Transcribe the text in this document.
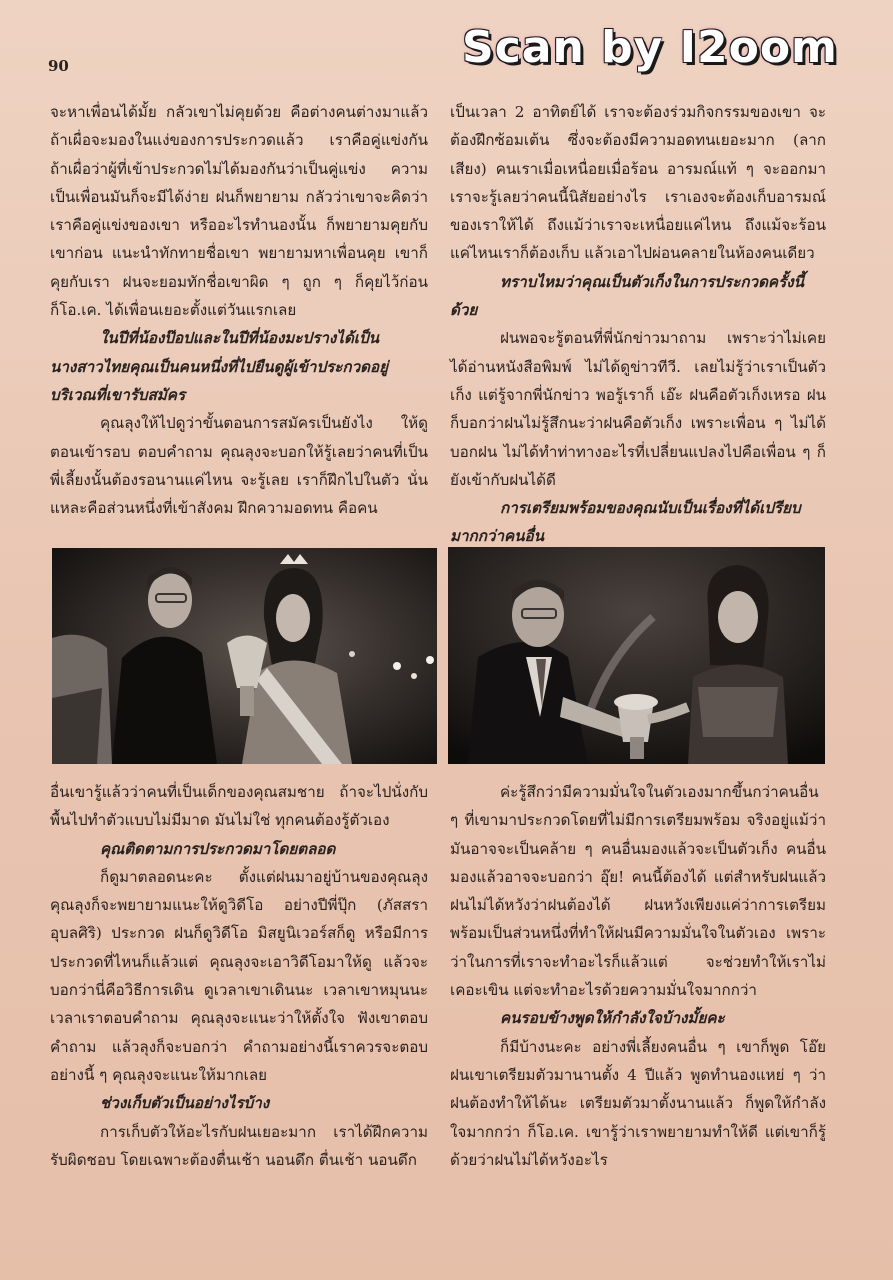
90	Scan by I2oom

จะหาเพื่อนได้มั้ย กลัวเขาไม่คุยด้วย คือต่างคนต่างมาแล้วถ้าเผื่อจะมองในแง่ของการประกวดแล้ว เราคือคู่แข่งกัน ถ้าเผื่อว่าผู้ที่เข้าประกวดไม่ได้มองกันว่าเป็นคู่แข่ง ความเป็นเพื่อนมันก็จะมีได้ง่าย ฝนก็พยายาม กลัวว่าเขาจะคิดว่าเราคือคู่แข่งของเขา หรืออะไรทำนองนั้น ก็พยายามคุยกับเขาก่อน แนะนำทักทายชื่อเขา พยายามหาเพื่อนคุย เขาก็คุยกับเรา ฝนจะยอมทักชื่อเขาผิด ๆ ถูก ๆ ก็คุยไว้ก่อน ก็โอ.เค. ได้เพื่อนเยอะตั้งแต่วันแรกเลย

ในปีที่น้องป๊อปและในปีที่น้องมะปรางได้เป็นนางสาวไทยคุณเป็นคนหนึ่งที่ไปยืนดูผู้เข้าประกวดอยู่บริเวณที่เขารับสมัคร

คุณลุงให้ไปดูว่าขั้นตอนการสมัครเป็นยังไง ให้ดูตอนเข้ารอบ ตอบคำถาม คุณลุงจะบอกให้รู้เลยว่าคนที่เป็นพี่เลี้ยงนั้นต้องรอนานแค่ไหน จะรู้เลย เราก็ฝึกไปในตัว นั่นแหละคือส่วนหนึ่งที่เข้าสังคม ฝึกความอดทน คือคน

อื่นเขารู้แล้วว่าคนที่เป็นเด็กของคุณสมชาย ถ้าจะไปนั่งกับพื้นไปทำตัวแบบไม่มีมาด มันไม่ใช่ ทุกคนต้องรู้ตัวเอง

คุณติดตามการประกวดมาโดยตลอด

ก็ดูมาตลอดนะคะ ตั้งแต่ฝนมาอยู่บ้านของคุณลุง คุณลุงก็จะพยายามแนะให้ดูวิดีโอ อย่างปีพี่ปุ๊ก (ภัสสรา อุบลศิริ) ประกวด ฝนก็ดูวิดีโอ มิสยูนิเวอร์สก็ดู หรือมีการประกวดที่ไหนก็แล้วแต่ คุณลุงจะเอาวิดีโอมาให้ดู แล้วจะบอกว่านี่คือวิธีการเดิน ดูเวลาเขาเดินนะ เวลาเขาหมุนนะ เวลาเราตอบคำถาม คุณลุงจะแนะว่าให้ตั้งใจ ฟังเขาตอบคำถาม แล้วลุงก็จะบอกว่า คำถามอย่างนี้เราควรจะตอบอย่างนี้ ๆ คุณลุงจะแนะให้มากเลย

ช่วงเก็บตัวเป็นอย่างไรบ้าง

การเก็บตัวให้อะไรกับฝนเยอะมาก เราได้ฝึกความรับผิดชอบ โดยเฉพาะต้องตื่นเช้า นอนดึก ตื่นเช้า นอนดึก

เป็นเวลา 2 อาทิตย์ได้ เราจะต้องร่วมกิจกรรมของเขา จะต้องฝึกซ้อมเต้น ซึ่งจะต้องมีความอดทนเยอะมาก (ลากเสียง) คนเราเมื่อเหนื่อยเมื่อร้อน อารมณ์แท้ ๆ จะออกมา เราจะรู้เลยว่าคนนี้นิสัยอย่างไร เราเองจะต้องเก็บอารมณ์ของเราให้ได้ ถึงแม้ว่าเราจะเหนื่อยแค่ไหน ถึงแม้จะร้อนแค่ไหนเราก็ต้องเก็บ แล้วเอาไปผ่อนคลายในห้องคนเดียว

ทราบไหมว่าคุณเป็นตัวเก็งในการประกวดครั้งนี้ด้วย

ฝนพอจะรู้ตอนที่พี่นักข่าวมาถาม เพราะว่าไม่เคยได้อ่านหนังสือพิมพ์ ไม่ได้ดูข่าวทีวี. เลยไม่รู้ว่าเราเป็นตัวเก็ง แต่รู้จากพี่นักข่าว พอรู้เราก็ เอ๊ะ ฝนคือตัวเก็งเหรอ ฝนก็บอกว่าฝนไม่รู้สึกนะว่าฝนคือตัวเก็ง เพราะเพื่อน ๆ ไม่ได้บอกฝน ไม่ได้ทำท่าทางอะไรที่เปลี่ยนแปลงไปคือเพื่อน ๆ ก็ยังเข้ากับฝนได้ดี

การเตรียมพร้อมของคุณนับเป็นเรื่องที่ได้เปรียบมากกว่าคนอื่น

ค่ะรู้สึกว่ามีความมั่นใจในตัวเองมากขึ้นกว่าคนอื่น ๆ ที่เขามาประกวดโดยที่ไม่มีการเตรียมพร้อม จริงอยู่แม้ว่ามันอาจจะเป็นคล้าย ๆ คนอื่นมองแล้วจะเป็นตัวเก็ง คนอื่นมองแล้วอาจจะบอกว่า อุ๊ย! คนนี้ต้องได้ แต่สำหรับฝนแล้วฝนไม่ได้หวังว่าฝนต้องได้ ฝนหวังเพียงแค่ว่าการเตรียมพร้อมเป็นส่วนหนึ่งที่ทำให้ฝนมีความมั่นใจในตัวเอง เพราะว่าในการที่เราจะทำอะไรก็แล้วแต่ จะช่วยทำให้เราไม่เคอะเขิน แต่จะทำอะไรด้วยความมั่นใจมากกว่า

คนรอบข้างพูดให้กำลังใจบ้างมั้ยคะ

ก็มีบ้างนะคะ อย่างพี่เลี้ยงคนอื่น ๆ เขาก็พูด โอ๊ย ฝนเขาเตรียมตัวมานานตั้ง 4 ปีแล้ว พูดทำนองแหย่ ๆ ว่า ฝนต้องทำให้ได้นะ เตรียมตัวมาตั้งนานแล้ว ก็พูดให้กำลังใจมากกว่า ก็โอ.เค. เขารู้ว่าเราพยายามทำให้ดี แต่เขาก็รู้ด้วยว่าฝนไม่ได้หวังอะไร
